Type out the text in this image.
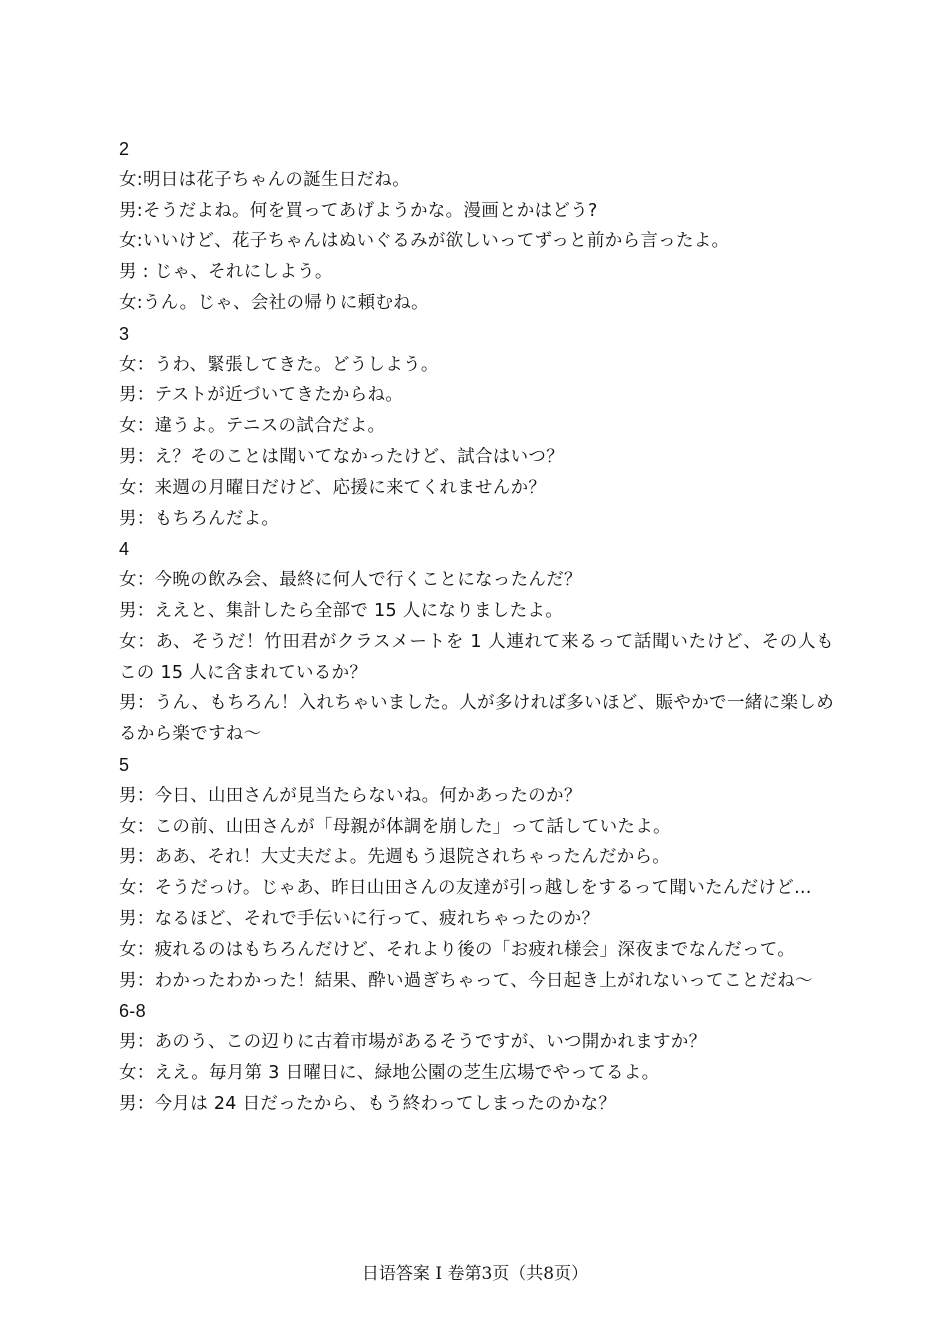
2
女:明日は花子ちゃんの誕生日だね。
男:そうだよね。何を買ってあげようかな。漫画とかはどう?
女:いいけど、花子ちゃんはぬいぐるみが欲しいってずっと前から言ったよ。
男 : じゃ、それにしよう。
女:うん。じゃ、会社の帰りに頼むね。
3
女：うわ、緊張してきた。どうしよう。
男：テストが近づいてきたからね。
女：違うよ。テニスの試合だよ。
男：え？そのことは聞いてなかったけど、試合はいつ？
女：来週の月曜日だけど、応援に来てくれませんか？
男：もちろんだよ。
4
女：今晩の飲み会、最終に何人で行くことになったんだ？
男：ええと、集計したら全部で 15 人になりましたよ。
女：あ、そうだ！竹田君がクラスメートを 1 人連れて来るって話聞いたけど、その人もこの 15 人に含まれているか？
男：うん、もちろん！入れちゃいました。人が多ければ多いほど、賑やかで一緒に楽しめるから楽ですね～
5
男：今日、山田さんが見当たらないね。何かあったのか？
女：この前、山田さんが「母親が体調を崩した」って話していたよ。
男：ああ、それ！大丈夫だよ。先週もう退院されちゃったんだから。
女：そうだっけ。じゃあ、昨日山田さんの友達が引っ越しをするって聞いたんだけど…
男：なるほど、それで手伝いに行って、疲れちゃったのか？
女：疲れるのはもちろんだけど、それより後の「お疲れ様会」深夜までなんだって。
男：わかったわかった！結果、酔い過ぎちゃって、今日起き上がれないってことだね～
6-8
男：あのう、この辺りに古着市場があるそうですが、いつ開かれますか？
女：ええ。毎月第 3 日曜日に、緑地公園の芝生広場でやってるよ。
男：今月は 24 日だったから、もう終わってしまったのかな？
日语答案 I 卷第3页（共8页）
